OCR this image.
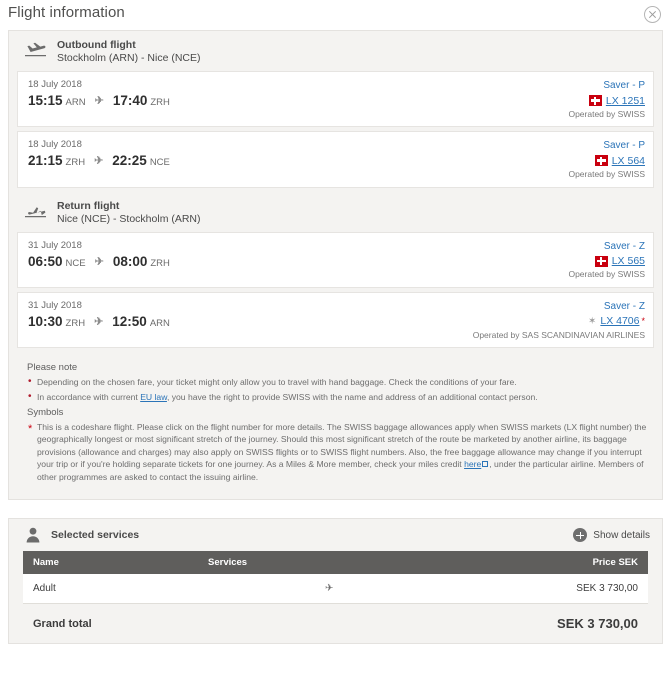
Flight information
Outbound flight
Stockholm (ARN) - Nice (NCE)
18 July 2018
15:15 ARN ✈ 17:40 ZRH
Saver - P
LX 1251
Operated by SWISS
18 July 2018
21:15 ZRH ✈ 22:25 NCE
Saver - P
LX 564
Operated by SWISS
Return flight
Nice (NCE) - Stockholm (ARN)
31 July 2018
06:50 NCE ✈ 08:00 ZRH
Saver - Z
LX 565
Operated by SWISS
31 July 2018
10:30 ZRH ✈ 12:50 ARN
Saver - Z
✶ LX 4706 *
Operated by SAS SCANDINAVIAN AIRLINES
Please note
• Depending on the chosen fare, your ticket might only allow you to travel with hand baggage. Check the conditions of your fare.
• In accordance with current EU law, you have the right to provide SWISS with the name and address of an additional contact person.
Symbols
* This is a codeshare flight. Please click on the flight number for more details. The SWISS baggage allowances apply when SWISS markets (LX flight number) the geographically longest or most significant stretch of the journey. Should this most significant stretch of the route be marketed by another airline, its baggage provisions (allowance and charges) may also apply on SWISS flights or to SWISS flight numbers. Also, the free baggage allowance may change if you interrupt your trip or if you're holding separate tickets for one journey. As a Miles & More member, check your miles credit here , under the particular airline. Members of other programmes are asked to contact the issuing airline.
Selected services	Show details
Name	Services	Price SEK
Adult	✈	SEK 3 730,00
Grand total	SEK 3 730,00
